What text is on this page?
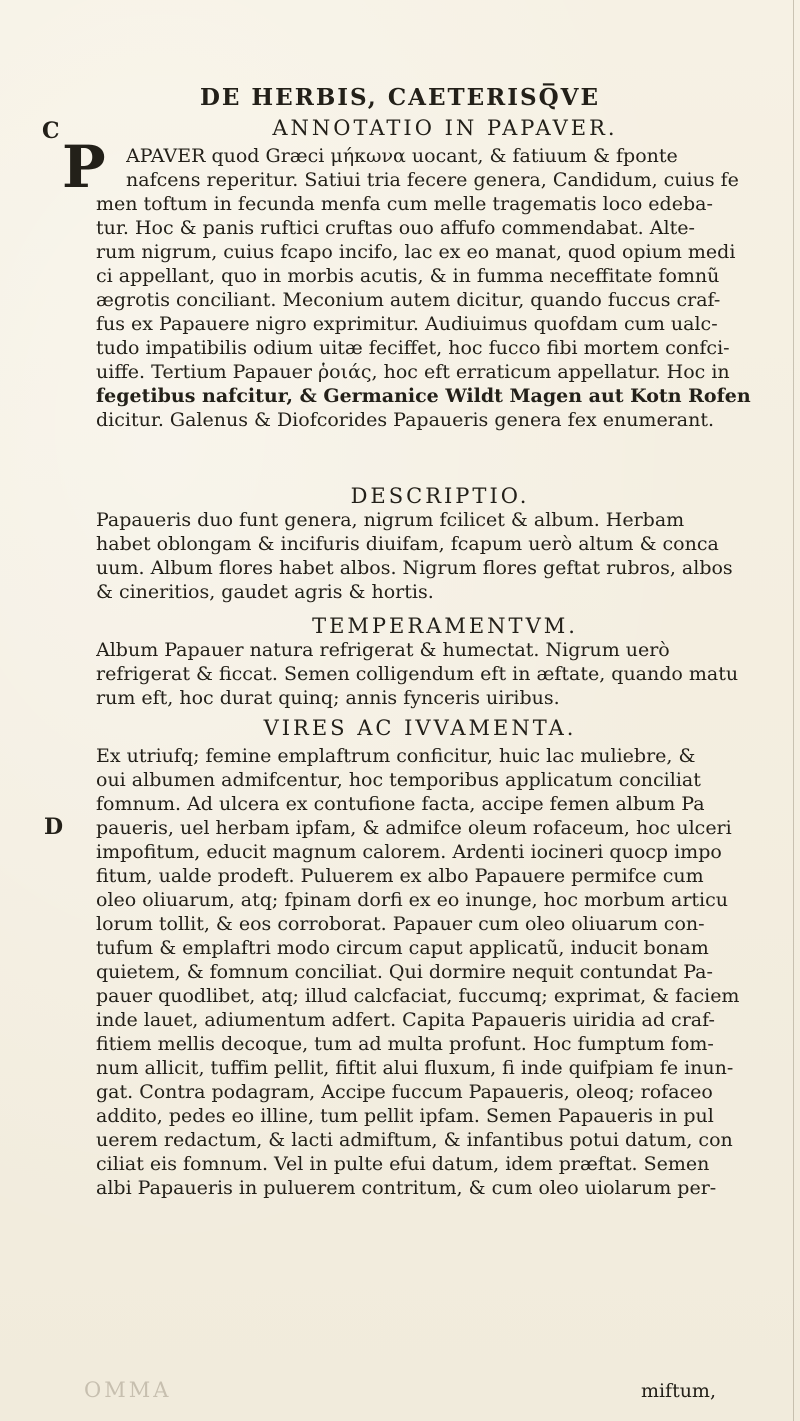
DE HERBIS, CAETERISQ̅VE
C
D
ANNOTATIO IN PAPAVER.
P APAVER quod Græci μήκωνα uocant, & fatiuum & fponte
nafcens reperitur. Satiui tria fecere genera, Candidum, cuius fe
men toftum in fecunda menfa cum melle tragematis loco edeba-
tur. Hoc & panis ruftici cruftas ouo affufo commendabat. Alte-
rum nigrum, cuius fcapo incifo, lac ex eo manat, quod opium medi
ci appellant, quo in morbis acutis, & in fumma neceffitate fomnũ
ægrotis conciliant. Meconium autem dicitur, quando fuccus craf-
fus ex Papauere nigro exprimitur. Audiuimus quofdam cum ualc-
tudo impatibilis odium uitæ feciffet, hoc fucco fibi mortem confci-
uiffe. Tertium Papauer ῥοιάς, hoc eft erraticum appellatur. Hoc in
fegetibus nafcitur, & Germanice Wildt Magen aut Kotn Rofen
dicitur. Galenus & Diofcorides Papaueris genera fex enumerant.
DESCRIPTIO.
Papaueris duo funt genera, nigrum fcilicet & album. Herbam
habet oblongam & incifuris diuifam, fcapum uerò altum & conca
uum. Album flores habet albos. Nigrum flores geftat rubros, albos
& cineritios, gaudet agris & hortis.
TEMPERAMENTVM.
Album Papauer natura refrigerat & humectat. Nigrum uerò
refrigerat & ficcat. Semen colligendum eft in æftate, quando matu
rum eft, hoc durat quinq; annis fynceris uiribus.
VIRES AC IVVAMENTA.
Ex utriufq; femine emplaftrum conficitur, huic lac muliebre, &
oui albumen admifcentur, hoc temporibus applicatum conciliat
fomnum. Ad ulcera ex contufione facta, accipe femen album Pa
paueris, uel herbam ipfam, & admifce oleum rofaceum, hoc ulceri
impofitum, educit magnum calorem. Ardenti iocineri quocp impo
fitum, ualde prodeft. Puluerem ex albo Papauere permifce cum
oleo oliuarum, atq; fpinam dorfi ex eo inunge, hoc morbum articu
lorum tollit, & eos corroborat. Papauer cum oleo oliuarum con-
tufum & emplaftri modo circum caput applicatũ, inducit bonam
quietem, & fomnum conciliat. Qui dormire nequit contundat Pa-
pauer quodlibet, atq; illud calcfaciat, fuccumq; exprimat, & faciem
inde lauet, adiumentum adfert. Capita Papaueris uiridia ad craf-
fitiem mellis decoque, tum ad multa profunt. Hoc fumptum fom-
num allicit, tuffim pellit, fiftit alui fluxum, fi inde quifpiam fe inun-
gat. Contra podagram, Accipe fuccum Papaueris, oleoq; rofaceo
addito, pedes eo illine, tum pellit ipfam. Semen Papaueris in pul
uerem redactum, & lacti admiftum, & infantibus potui datum, con
ciliat eis fomnum. Vel in pulte efui datum, idem præftat. Semen
albi Papaueris in puluerem contritum, & cum oleo uiolarum per-
OMMA	miftum,
